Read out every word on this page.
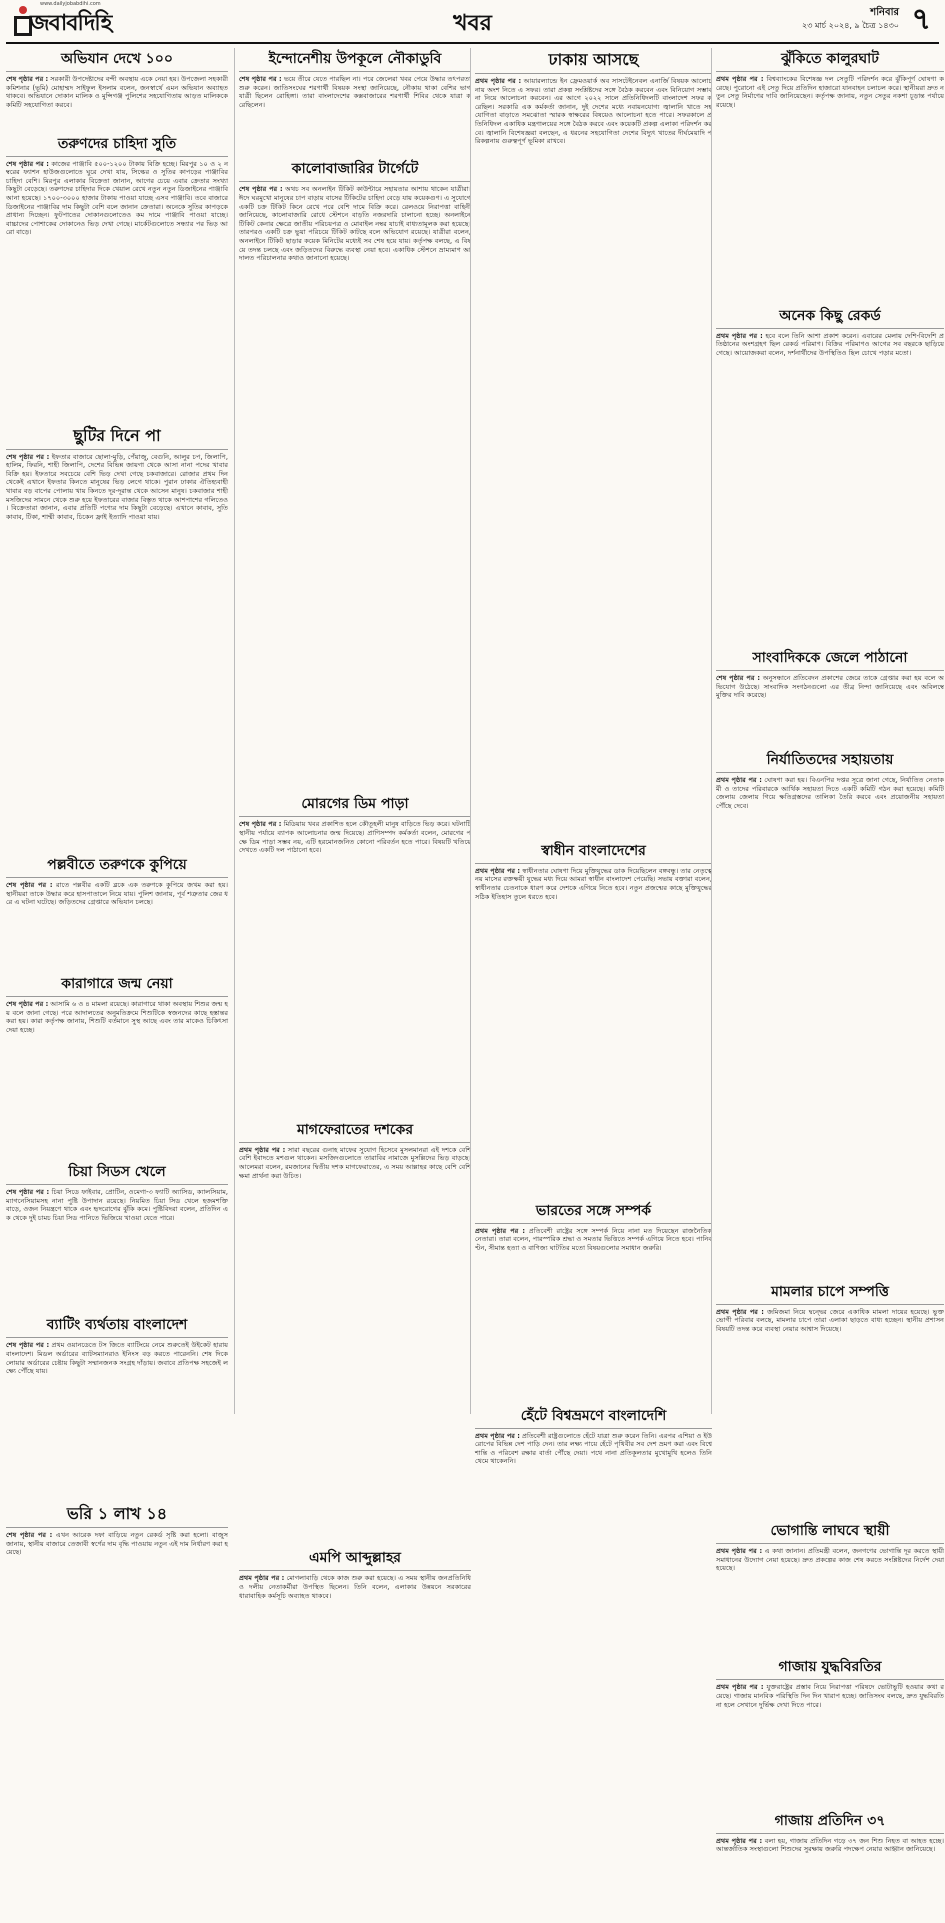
www.dailyjobabdihi.com
জবাবদিহি	খবর	শনিবার
২৩ মার্চ ২০২৪, ৯ চৈত্র ১৪৩০ ৭
অভিযান দেখে ১০০
শেষ পৃষ্ঠার পর : সরকারী উপদেষ্টাদের বন্দী অবস্থায় একে নেয়া হয়। উপজেলা সহকারী কমিশনার (ভূমি) মোহাম্মদ সাইফুল ইসলাম বলেন, জনস্বার্থে এমন অভিযান অব্যাহত থাকবে। অভিযানে দোকান মালিক ও মুন্সিগঞ্জ পুলিশের সহযোগিতায় আড়ত মালিককে কমিটি সহযোগিতা করবে।
তরুণদের চাহিদা সুতি
শেষ পৃষ্ঠার পর : কাজের পাঞ্জাবি ৫০০-১২০০ টাকায় বিক্রি হচ্ছে। মিরপুর ১০ ও ২ নম্বরের ফ্যাশন হাউজগুলোতে ঘুরে দেখা যায়, সিল্কের ও সুতির কাপড়ের পাঞ্জাবির চাহিদা বেশি। মিরপুর এলাকার বিক্রেতা জানান, আগের চেয়ে এবার ক্রেতার সংখ্যা কিছুটা বেড়েছে। তরুণদের চাহিদার দিকে খেয়াল রেখে নতুন নতুন ডিজাইনের পাঞ্জাবি আনা হয়েছে। ১৭০০-৩০০০ হাজার টাকায় পাওয়া যাচ্ছে এসব পাঞ্জাবি। তবে বাজারে ডিজাইনের পাঞ্জাবির দাম কিছুটা বেশি বলে জানান ক্রেতারা। অনেকে সুতির কাপড়কে প্রাধান্য দিচ্ছেন। ফুটপাতের দোকানগুলোতেও কম দামে পাঞ্জাবি পাওয়া যাচ্ছে। বাচ্চাদের পোশাকের দোকানেও ভিড় দেখা গেছে। মার্কেটগুলোতে সন্ধ্যার পর ভিড় আরো বাড়ে।
ছুটির দিনে পা
শেষ পৃষ্ঠার পর : ইফতার বাজারে ছোলা-মুড়ি, পেঁয়াজু, বেগুনি, আলুর চপ, জিলাপি, হালিম, ফিরনি, শাহী জিলাপি, দেশের বিভিন্ন জায়গা থেকে আসা নানা পদের খাবার বিক্রি হয়। ইফতারে সবচেয়ে বেশি ভিড় দেখা গেছে চকবাজারে। রোজার প্রথম দিন থেকেই এখানে ইফতার কিনতে মানুষের ভিড় লেগে থাকে। পুরান ঢাকার ঐতিহ্যবাহী খাবার বড় বাপের পোলায় খায় কিনতে দূর-দূরান্ত থেকে আসেন মানুষ। চকবাজার শাহী মসজিদের সামনে থেকে শুরু হয়ে ইফতারের বাজার বিস্তৃত থাকে আশপাশের গলিতেও। বিক্রেতারা জানান, এবার প্রতিটি পণ্যের দাম কিছুটা বেড়েছে। এখানে কাবাব, সুতি কাবাব, টিকা, শাম্মী কাবাব, চিকেন ফ্রাই ইত্যাদি পাওয়া যায়।
পল্লবীতে তরুণকে কুপিয়ে
শেষ পৃষ্ঠার পর : রাতে পল্লবীর একটি ব্লকে এক তরুণকে কুপিয়ে জখম করা হয়। স্থানীয়রা তাকে উদ্ধার করে হাসপাতালে নিয়ে যায়। পুলিশ জানায়, পূর্ব শত্রুতার জের ধরে এ ঘটনা ঘটেছে। জড়িতদের গ্রেপ্তারে অভিযান চলছে।
কারাগারে জন্ম নেয়া
শেষ পৃষ্ঠার পর : আসামি ৬ ও ৪ মামলা রয়েছে। কারাগারে থাকা অবস্থায় শিশুর জন্ম হয় বলে জানা গেছে। পরে আদালতের অনুমতিক্রমে শিশুটিকে স্বজনদের কাছে হস্তান্তর করা হয়। কারা কর্তৃপক্ষ জানায়, শিশুটি বর্তমানে সুস্থ আছে এবং তার মাকেও চিকিৎসা দেয়া হচ্ছে।
চিয়া সিডস খেলে
শেষ পৃষ্ঠার পর : চিয়া সিডে ফাইবার, প্রোটিন, ওমেগা-৩ ফ্যাটি অ্যাসিড, ক্যালসিয়াম, ম্যাগনেসিয়ামসহ নানা পুষ্টি উপাদান রয়েছে। নিয়মিত চিয়া সিড খেলে হজমশক্তি বাড়ে, ওজন নিয়ন্ত্রণে থাকে এবং হৃদরোগের ঝুঁকি কমে। পুষ্টিবিদরা বলেন, প্রতিদিন এক থেকে দুই চামচ চিয়া সিড পানিতে ভিজিয়ে খাওয়া যেতে পারে।
ব্যাটিং ব্যর্থতায় বাংলাদেশ
শেষ পৃষ্ঠার পর : প্রথম ওয়ানডেতে টস জিতে ব্যাটিংয়ে নেমে শুরুতেই উইকেট হারায় বাংলাদেশ। মিডল অর্ডারের ব্যাটসম্যানরাও ইনিংস বড় করতে পারেননি। শেষ দিকে লোয়ার অর্ডারের চেষ্টায় কিছুটা সম্মানজনক সংগ্রহ দাঁড়ায়। জবাবে প্রতিপক্ষ সহজেই লক্ষ্যে পৌঁছে যায়।
ভরি ১ লাখ ১৪
শেষ পৃষ্ঠার পর : এখন আরেক দফা বাড়িয়ে নতুন রেকর্ড সৃষ্টি করা হলো। বাজুস জানায়, স্থানীয় বাজারে তেজাবী স্বর্ণের দাম বৃদ্ধি পাওয়ায় নতুন এই দাম নির্ধারণ করা হয়েছে।
ইন্দোনেশীয় উপকূলে নৌকাডুবি
শেষ পৃষ্ঠার পর : ভয়ে তীরে যেতে পারছিল না। পরে জেলেরা খবর পেয়ে উদ্ধার তৎপরতা শুরু করেন। জাতিসংঘের শরণার্থী বিষয়ক সংস্থা জানিয়েছে, নৌকায় থাকা বেশির ভাগ যাত্রী ছিলেন রোহিঙ্গা। তারা বাংলাদেশের কক্সবাজারের শরণার্থী শিবির থেকে যাত্রা করেছিলেন।
কালোবাজারির টার্গেটে
শেষ পৃষ্ঠার পর : অথচ সব অনলাইন টিকিট কাউন্টারে সহায়তার আশায় থাকেন যাত্রীরা। ঈদে ঘরমুখো মানুষের চাপ বাড়ায় বাসের টিকিটের চাহিদা বেড়ে যায় কয়েকগুণ। এ সুযোগে একটি চক্র টিকিট কিনে রেখে পরে বেশি দামে বিক্রি করে। রেলওয়ে নিরাপত্তা বাহিনী জানিয়েছে, কালোবাজারি রোধে স্টেশনে বাড়তি নজরদারি চালানো হচ্ছে। অনলাইনে টিকিট কেনার ক্ষেত্রে জাতীয় পরিচয়পত্র ও মোবাইল নম্বর যাচাই বাধ্যতামূলক করা হয়েছে। তারপরও একটি চক্র ভুয়া পরিচয়ে টিকিট কাটছে বলে অভিযোগ রয়েছে। যাত্রীরা বলেন, অনলাইনে টিকিট ছাড়ার কয়েক মিনিটের মধ্যেই সব শেষ হয়ে যায়। কর্তৃপক্ষ বলছে, এ বিষয়ে তদন্ত চলছে এবং জড়িতদের বিরুদ্ধে ব্যবস্থা নেয়া হবে। একাধিক স্টেশনে ভ্রাম্যমাণ আদালত পরিচালনার কথাও জানানো হয়েছে।
মোরগের ডিম পাড়া
শেষ পৃষ্ঠার পর : মিডিয়ায় খবর প্রকাশিত হলে কৌতূহলী মানুষ বাড়িতে ভিড় করে। ঘটনাটি স্থানীয় পর্যায়ে ব্যাপক আলোচনার জন্ম দিয়েছে। প্রাণিসম্পদ কর্মকর্তা বলেন, মোরগের পক্ষে ডিম পাড়া সম্ভব নয়, এটি হরমোনজনিত কোনো পরিবর্তন হতে পারে। বিষয়টি খতিয়ে দেখতে একটি দল পাঠানো হবে।
মাগফেরাতের দশকের
প্রথম পৃষ্ঠার পর : সারা বছরের গুনাহ মাফের সুযোগ হিসেবে মুসলমানরা এই দশকে বেশি বেশি ইবাদতে মশগুল থাকেন। মসজিদগুলোতে তারাবির নামাজে মুসল্লিদের ভিড় বাড়ছে। আলেমরা বলেন, রমজানের দ্বিতীয় দশক মাগফেরাতের, এ সময় আল্লাহর কাছে বেশি বেশি ক্ষমা প্রার্থনা করা উচিত।
এমপি আব্দুল্লাহর
প্রথম পৃষ্ঠার পর : মোগলাবাড়ি থেকে কাজ শুরু করা হয়েছে। এ সময় স্থানীয় জনপ্রতিনিধি ও দলীয় নেতাকর্মীরা উপস্থিত ছিলেন। তিনি বলেন, এলাকার উন্নয়নে সরকারের ধারাবাহিক কর্মসূচি অব্যাহত থাকবে।
ঢাকায় আসছে
প্রথম পৃষ্ঠার পর : আয়ারল্যান্ডে ইন ফ্রেমওয়ার্ক অব সাসটেইনেবল এনার্জি বিষয়ক আলোচনায় অংশ নিতে এ সফর। তারা প্রকল্প সংশ্লিষ্টদের সঙ্গে বৈঠক করবেন এবং বিনিয়োগ সম্ভাবনা নিয়ে আলোচনা করবেন। এর আগে ২০২২ সালে প্রতিনিধিদলটি বাংলাদেশ সফর করেছিল। সরকারি এক কর্মকর্তা জানান, দুই দেশের মধ্যে নবায়নযোগ্য জ্বালানি খাতে সহযোগিতা বাড়াতে সমঝোতা স্মারক স্বাক্ষরের বিষয়েও আলোচনা হতে পারে। সফরকালে প্রতিনিধিদল একাধিক মন্ত্রণালয়ের সঙ্গে বৈঠক করবে এবং কয়েকটি প্রকল্প এলাকা পরিদর্শন করবে। জ্বালানি বিশেষজ্ঞরা বলছেন, এ ধরনের সহযোগিতা দেশের বিদ্যুৎ খাতের দীর্ঘমেয়াদি পরিকল্পনায় গুরুত্বপূর্ণ ভূমিকা রাখবে।
স্বাধীন বাংলাদেশের
প্রথম পৃষ্ঠার পর : স্বাধীনতার ঘোষণা দিয়ে মুক্তিযুদ্ধের ডাক দিয়েছিলেন বঙ্গবন্ধু। তার নেতৃত্বে নয় মাসের রক্তক্ষয়ী যুদ্ধের মধ্য দিয়ে আমরা স্বাধীন বাংলাদেশ পেয়েছি। সভায় বক্তারা বলেন, স্বাধীনতার চেতনাকে ধারণ করে দেশকে এগিয়ে নিতে হবে। নতুন প্রজন্মের কাছে মুক্তিযুদ্ধের সঠিক ইতিহাস তুলে ধরতে হবে।
ভারতের সঙ্গে সম্পর্ক
প্রথম পৃষ্ঠার পর : প্রতিবেশী রাষ্ট্রের সঙ্গে সম্পর্ক নিয়ে নানা মত দিয়েছেন রাজনৈতিক নেতারা। তারা বলেন, পারস্পরিক শ্রদ্ধা ও সমতার ভিত্তিতে সম্পর্ক এগিয়ে নিতে হবে। পানিবণ্টন, সীমান্ত হত্যা ও বাণিজ্য ঘাটতির মতো বিষয়গুলোর সমাধান জরুরি।
হেঁটে বিশ্বভ্রমণে বাংলাদেশি
প্রথম পৃষ্ঠার পর : প্রতিবেশী রাষ্ট্রগুলোতে হেঁটে যাত্রা শুরু করেন তিনি। এরপর এশিয়া ও ইউরোপের বিভিন্ন দেশ পাড়ি দেন। তার লক্ষ্য পায়ে হেঁটে পৃথিবীর সব দেশ ভ্রমণ করা এবং বিশ্বে শান্তি ও পরিবেশ রক্ষার বার্তা পৌঁছে দেয়া। পথে নানা প্রতিকূলতার মুখোমুখি হলেও তিনি থেমে থাকেননি।
ঝুঁকিতে কালুরঘাট
প্রথম পৃষ্ঠার পর : বিশ্বব্যাংকের বিশেষজ্ঞ দল সেতুটি পরিদর্শন করে ঝুঁকিপূর্ণ ঘোষণা করেছে। পুরোনো এই সেতু দিয়ে প্রতিদিন হাজারো যানবাহন চলাচল করে। স্থানীয়রা দ্রুত নতুন সেতু নির্মাণের দাবি জানিয়েছেন। কর্তৃপক্ষ জানায়, নতুন সেতুর নকশা চূড়ান্ত পর্যায়ে রয়েছে।
অনেক কিছু রেকর্ড
প্রথম পৃষ্ঠার পর : হবে বলে তিনি আশা প্রকাশ করেন। এবারের মেলায় দেশি-বিদেশি প্রতিষ্ঠানের অংশগ্রহণ ছিল রেকর্ড পরিমাণ। বিক্রির পরিমাণও আগের সব বছরকে ছাড়িয়ে গেছে। আয়োজকরা বলেন, দর্শনার্থীদের উপস্থিতিও ছিল চোখে পড়ার মতো।
সাংবাদিককে জেলে পাঠানো
শেষ পৃষ্ঠার পর : অনুসন্ধানে প্রতিবেদন প্রকাশের জেরে তাকে গ্রেপ্তার করা হয় বলে অভিযোগ উঠেছে। সাংবাদিক সংগঠনগুলো এর তীব্র নিন্দা জানিয়েছে এবং অবিলম্বে মুক্তির দাবি করেছে।
নির্যাতিতদের সহায়তায়
প্রথম পৃষ্ঠার পর : ঘোষণা করা হয়। বিএনপির দপ্তর সূত্রে জানা গেছে, নির্যাতিত নেতাকর্মী ও তাদের পরিবারকে আর্থিক সহায়তা দিতে একটি কমিটি গঠন করা হয়েছে। কমিটি জেলায় জেলায় গিয়ে ক্ষতিগ্রস্তদের তালিকা তৈরি করবে এবং প্রয়োজনীয় সহায়তা পৌঁছে দেবে।
মামলার চাপে সম্পত্তি
প্রথম পৃষ্ঠার পর : জমিজমা নিয়ে দ্বন্দ্বের জেরে একাধিক মামলা দায়ের হয়েছে। ভুক্তভোগী পরিবার বলছে, মামলার চাপে তারা এলাকা ছাড়তে বাধ্য হচ্ছেন। স্থানীয় প্রশাসন বিষয়টি তদন্ত করে ব্যবস্থা নেয়ার আশ্বাস দিয়েছে।
ভোগান্তি লাঘবে স্থায়ী
প্রথম পৃষ্ঠার পর : এ কথা জানান। প্রতিমন্ত্রী বলেন, জনগণের ভোগান্তি দূর করতে স্থায়ী সমাধানের উদ্যোগ নেয়া হয়েছে। দ্রুত প্রকল্পের কাজ শেষ করতে সংশ্লিষ্টদের নির্দেশ দেয়া হয়েছে।
গাজায় যুদ্ধবিরতির
প্রথম পৃষ্ঠার পর : যুক্তরাষ্ট্রের প্রস্তাব নিয়ে নিরাপত্তা পরিষদে ভোটাভুটি হওয়ার কথা রয়েছে। গাজায় মানবিক পরিস্থিতি দিন দিন খারাপ হচ্ছে। জাতিসংঘ বলছে, দ্রুত যুদ্ধবিরতি না হলে সেখানে দুর্ভিক্ষ দেখা দিতে পারে।
গাজায় প্রতিদিন ৩৭
প্রথম পৃষ্ঠার পর : বলা হয়, গাজায় প্রতিদিন গড়ে ৩৭ জন শিশু নিহত বা আহত হচ্ছে। আন্তর্জাতিক সংস্থাগুলো শিশুদের সুরক্ষায় জরুরি পদক্ষেপ নেয়ার আহ্বান জানিয়েছে।
